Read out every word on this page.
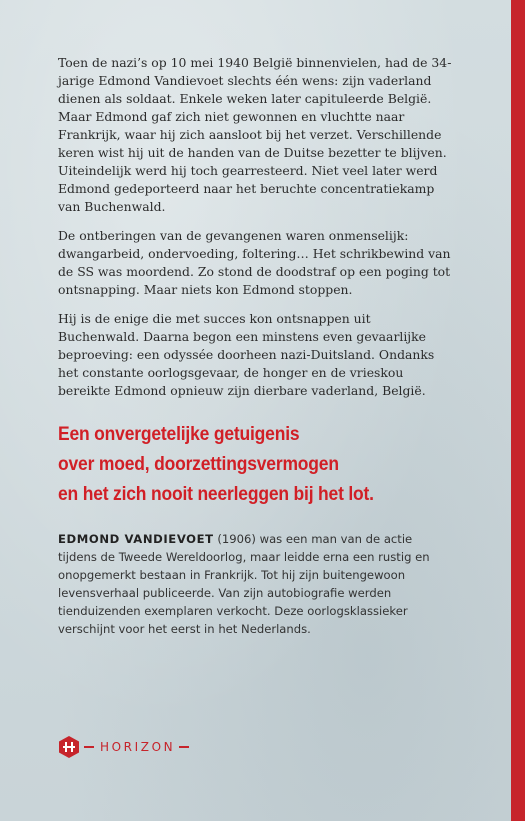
Toen de nazi’s op 10 mei 1940 België binnenvielen, had de 34-jarige Edmond Vandievoet slechts één wens: zijn vaderland dienen als soldaat. Enkele weken later capituleerde België. Maar Edmond gaf zich niet gewonnen en vluchtte naar Frankrijk, waar hij zich aansloot bij het verzet. Verschillende keren wist hij uit de handen van de Duitse bezetter te blijven. Uiteindelijk werd hij toch gearresteerd. Niet veel later werd Edmond gedeporteerd naar het beruchte concentratiekamp van Buchenwald.

De ontberingen van de gevangenen waren onmenselijk: dwangarbeid, ondervoeding, foltering… Het schrikbewind van de SS was moordend. Zo stond de doodstraf op een poging tot ontsnapping. Maar niets kon Edmond stoppen.

Hij is de enige die met succes kon ontsnappen uit Buchenwald. Daarna begon een minstens even gevaarlijke beproeving: een odyssée doorheen nazi-Duitsland. Ondanks het constante oorlogsgevaar, de honger en de vrieskou bereikte Edmond opnieuw zijn dierbare vaderland, België.

Een onvergetelijke getuigenis
over moed, doorzettingsvermogen
en het zich nooit neerleggen bij het lot.
EDMOND VANDIEVOET (1906) was een man van de actie tijdens de Tweede Wereldoorlog, maar leidde erna een rustig en onopgemerkt bestaan in Frankrijk. Tot hij zijn buitengewoon levensverhaal publiceerde. Van zijn autobiografie werden tienduizenden exemplaren verkocht. Deze oorlogsklassieker verschijnt voor het eerst in het Nederlands.
HORIZON
